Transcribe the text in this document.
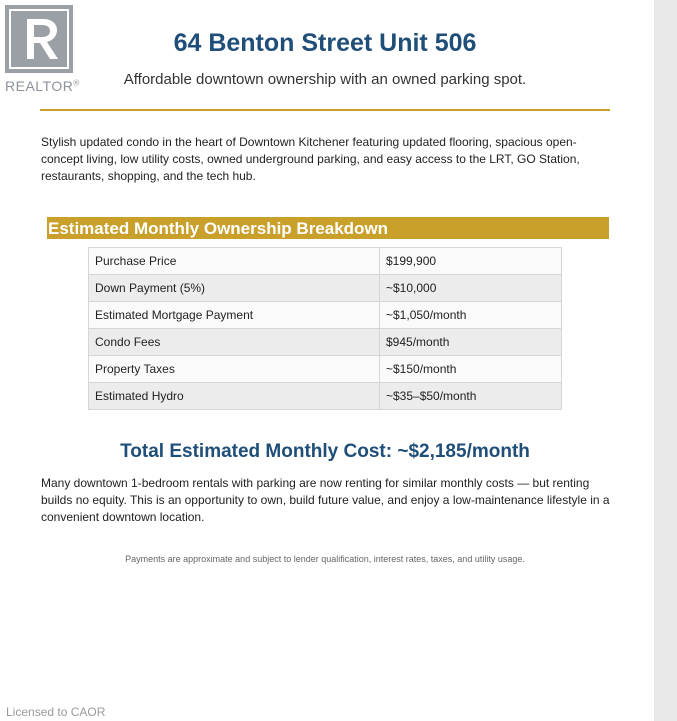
REALTOR®
64 Benton Street Unit 506
Affordable downtown ownership with an owned parking spot.
Stylish updated condo in the heart of Downtown Kitchener featuring updated flooring, spacious open-concept living, low utility costs, owned underground parking, and easy access to the LRT, GO Station, restaurants, shopping, and the tech hub.
Estimated Monthly Ownership Breakdown
Purchase Price	$199,900
Down Payment (5%)	~$10,000
Estimated Mortgage Payment	~$1,050/month
Condo Fees	$945/month
Property Taxes	~$150/month
Estimated Hydro	~$35–$50/month
Total Estimated Monthly Cost: ~$2,185/month
Many downtown 1-bedroom rentals with parking are now renting for similar monthly costs — but renting builds no equity. This is an opportunity to own, build future value, and enjoy a low-maintenance lifestyle in a convenient downtown location.
Payments are approximate and subject to lender qualification, interest rates, taxes, and utility usage.
Licensed to CAOR
